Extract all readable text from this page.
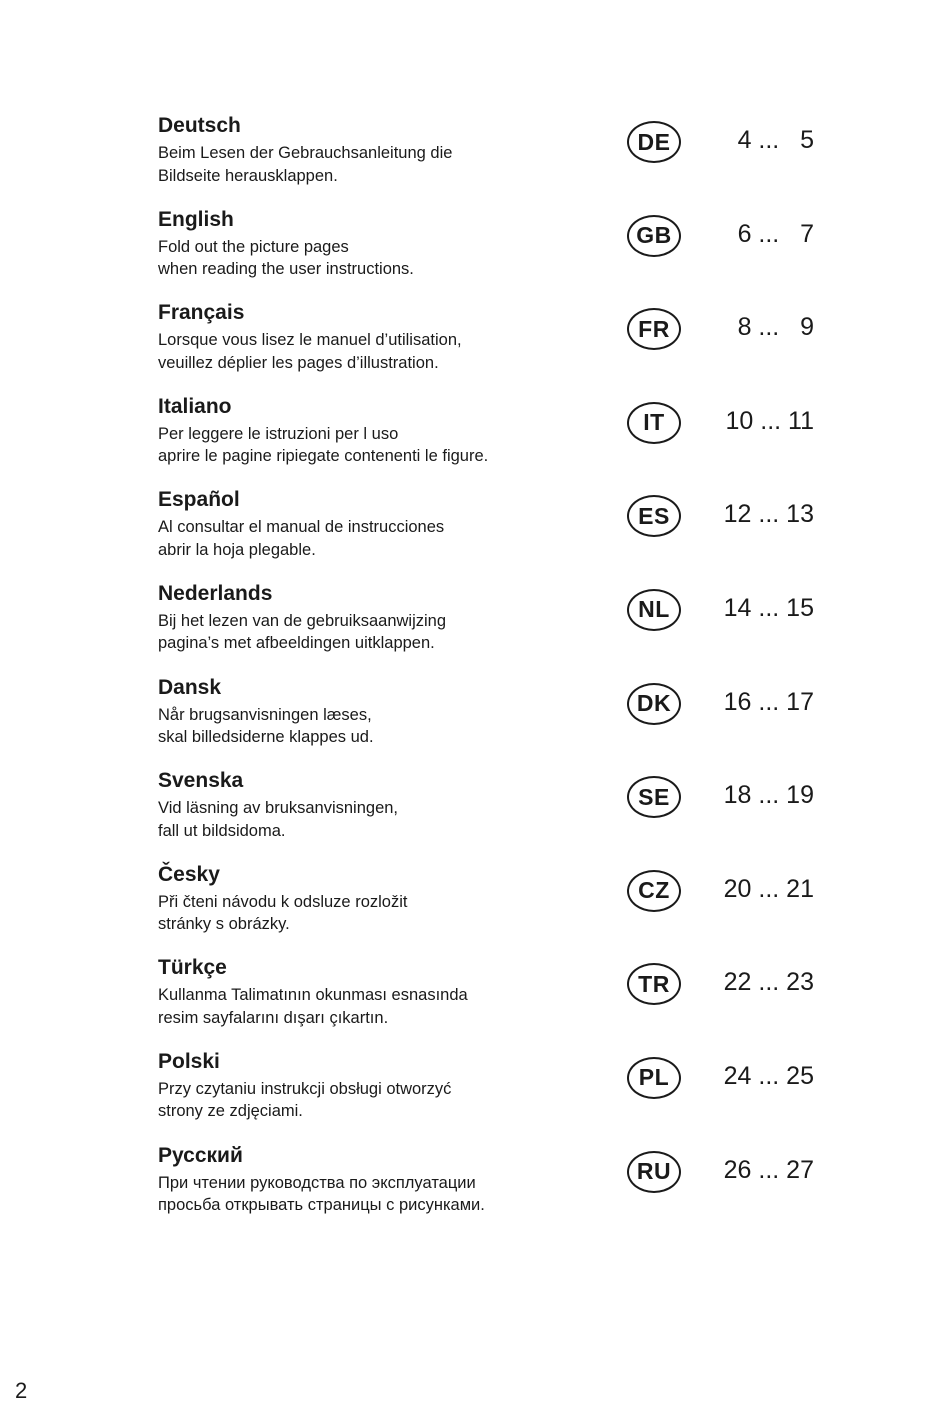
Deutsch
Beim Lesen der Gebrauchsanleitung die
Bildseite herausklappen.
DE	4 ...   5
English
Fold out the picture pages
when reading the user instructions.
GB	6 ...   7
Français
Lorsque vous lisez le manuel d’utilisation,
veuillez déplier les pages d’illustration.
FR	8 ...   9
Italiano
Per leggere le istruzioni per l uso
aprire le pagine ripiegate contenenti le figure.
IT	10 ... 11
Español
Al consultar el manual de instrucciones
abrir la hoja plegable.
ES	12 ... 13
Nederlands
Bij het lezen van de gebruiksaanwijzing
pagina’s met afbeeldingen uitklappen.
NL	14 ... 15
Dansk
Når brugsanvisningen læses,
skal billedsiderne klappes ud.
DK	16 ... 17
Svenska
Vid läsning av bruksanvisningen,
fall ut bildsidoma.
SE	18 ... 19
Česky
Při čteni návodu k odsluze rozložit
stránky s obrázky.
CZ	20 ... 21
Türkçe
Kullanma Talimatının okunması esnasında
resim sayfalarını dışarı çıkartın.
TR	22 ... 23
Polski
Przy czytaniu instrukcji obsługi otworzyć
strony ze zdjęciami.
PL	24 ... 25
Русский
При чтении руководства по эксплуатации
просьба открывать страницы с рисунками.
RU	26 ... 27
2
